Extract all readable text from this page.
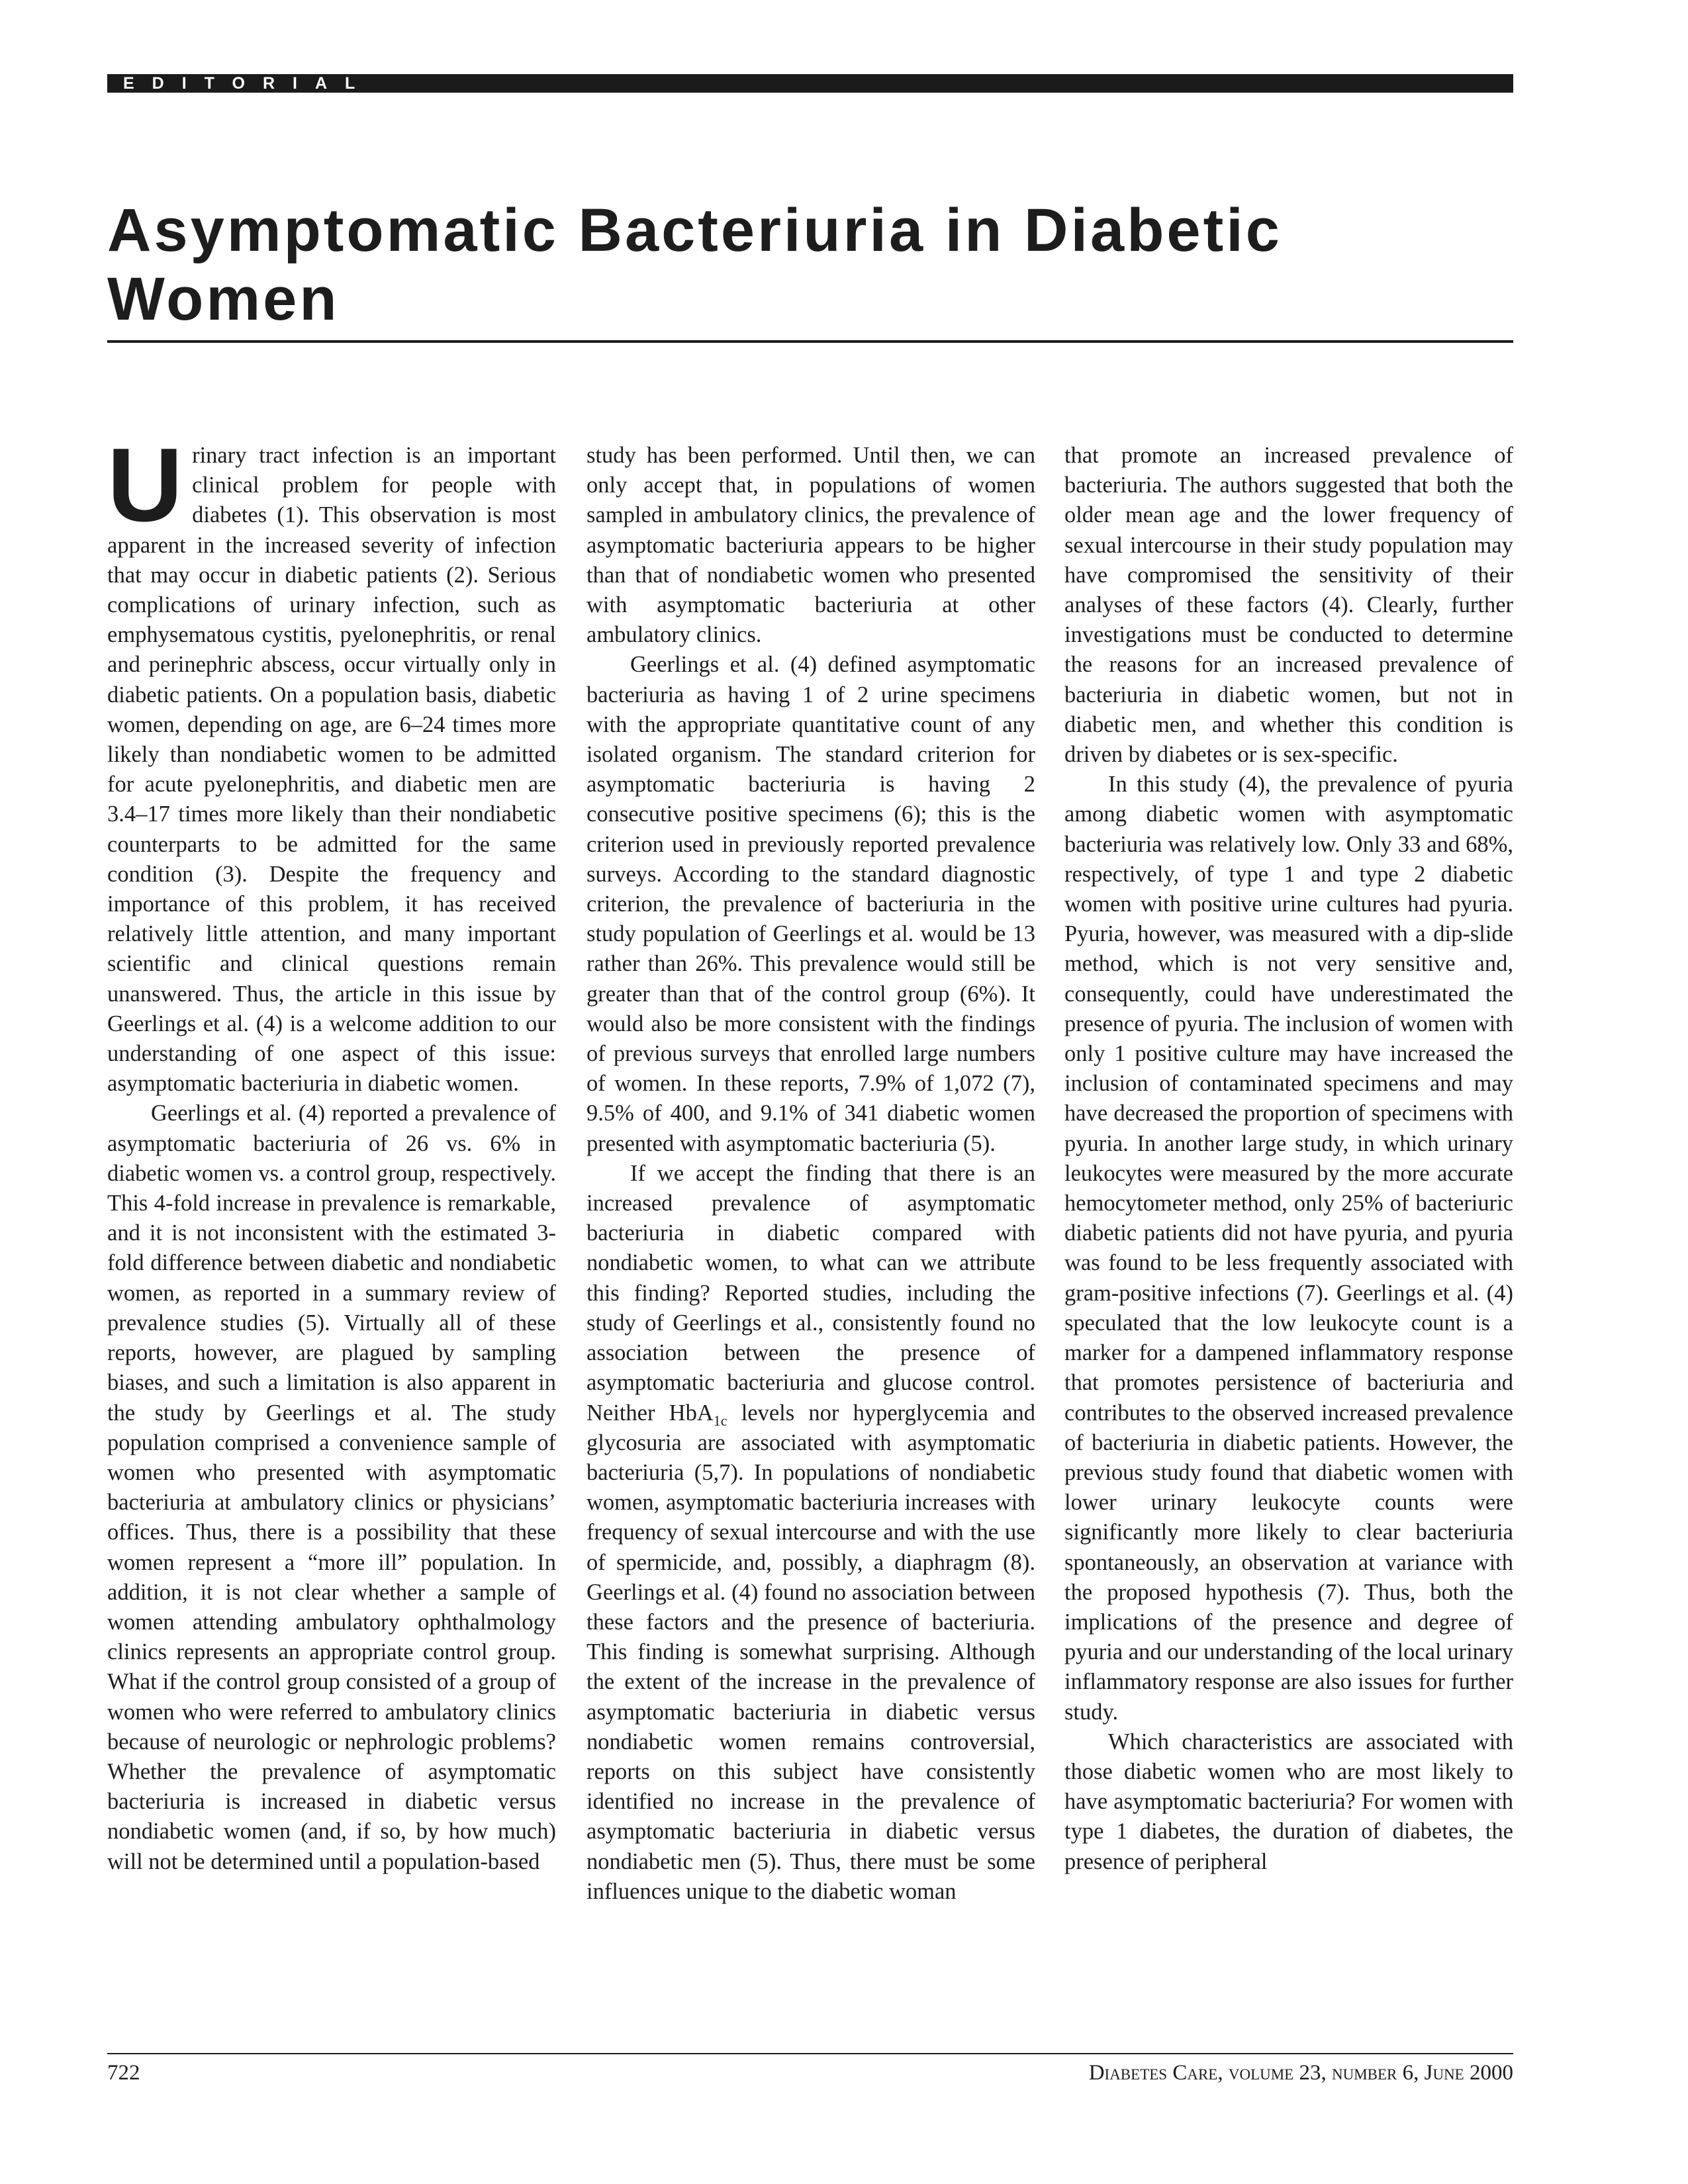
EDITORIAL
Asymptomatic Bacteriuria in Diabetic Women

Urinary tract infection is an important clinical problem for people with diabetes (1). This observation is most apparent in the increased severity of infection that may occur in diabetic patients (2). Serious complications of urinary infection, such as emphysematous cystitis, pyelonephritis, or renal and perinephric abscess, occur virtually only in diabetic patients. On a population basis, diabetic women, depending on age, are 6–24 times more likely than nondiabetic women to be admitted for acute pyelonephritis, and diabetic men are 3.4–17 times more likely than their nondiabetic counterparts to be admitted for the same condition (3). Despite the frequency and importance of this problem, it has received relatively little attention, and many important scientific and clinical questions remain unanswered. Thus, the article in this issue by Geerlings et al. (4) is a welcome addition to our understanding of one aspect of this issue: asymptomatic bacteriuria in diabetic women.

Geerlings et al. (4) reported a prevalence of asymptomatic bacteriuria of 26 vs. 6% in diabetic women vs. a control group, respectively. This 4-fold increase in prevalence is remarkable, and it is not inconsistent with the estimated 3-fold difference between diabetic and nondiabetic women, as reported in a summary review of prevalence studies (5). Virtually all of these reports, however, are plagued by sampling biases, and such a limitation is also apparent in the study by Geerlings et al. The study population comprised a convenience sample of women who presented with asymptomatic bacteriuria at ambulatory clinics or physicians’ offices. Thus, there is a possibility that these women represent a “more ill” population. In addition, it is not clear whether a sample of women attending ambulatory ophthalmology clinics represents an appropriate control group. What if the control group consisted of a group of women who were referred to ambulatory clinics because of neurologic or nephrologic problems? Whether the prevalence of asymptomatic bacteriuria is increased in diabetic versus nondiabetic women (and, if so, by how much) will not be determined until a population-based

study has been performed. Until then, we can only accept that, in populations of women sampled in ambulatory clinics, the prevalence of asymptomatic bacteriuria appears to be higher than that of nondiabetic women who presented with asymptomatic bacteriuria at other ambulatory clinics.

Geerlings et al. (4) defined asymptomatic bacteriuria as having 1 of 2 urine specimens with the appropriate quantitative count of any isolated organism. The standard criterion for asymptomatic bacteriuria is having 2 consecutive positive specimens (6); this is the criterion used in previously reported prevalence surveys. According to the standard diagnostic criterion, the prevalence of bacteriuria in the study population of Geerlings et al. would be 13 rather than 26%. This prevalence would still be greater than that of the control group (6%). It would also be more consistent with the findings of previous surveys that enrolled large numbers of women. In these reports, 7.9% of 1,072 (7), 9.5% of 400, and 9.1% of 341 diabetic women presented with asymptomatic bacteriuria (5).

If we accept the finding that there is an increased prevalence of asymptomatic bacteriuria in diabetic compared with nondiabetic women, to what can we attribute this finding? Reported studies, including the study of Geerlings et al., consistently found no association between the presence of asymptomatic bacteriuria and glucose control. Neither HbA$_{1c}$ levels nor hyperglycemia and glycosuria are associated with asymptomatic bacteriuria (5,7). In populations of nondiabetic women, asymptomatic bacteriuria increases with frequency of sexual intercourse and with the use of spermicide, and, possibly, a diaphragm (8). Geerlings et al. (4) found no association between these factors and the presence of bacteriuria. This finding is somewhat surprising. Although the extent of the increase in the prevalence of asymptomatic bacteriuria in diabetic versus nondiabetic women remains controversial, reports on this subject have consistently identified no increase in the prevalence of asymptomatic bacteriuria in diabetic versus nondiabetic men (5). Thus, there must be some influences unique to the diabetic woman

that promote an increased prevalence of bacteriuria. The authors suggested that both the older mean age and the lower frequency of sexual intercourse in their study population may have compromised the sensitivity of their analyses of these factors (4). Clearly, further investigations must be conducted to determine the reasons for an increased prevalence of bacteriuria in diabetic women, but not in diabetic men, and whether this condition is driven by diabetes or is sex-specific.

In this study (4), the prevalence of pyuria among diabetic women with asymptomatic bacteriuria was relatively low. Only 33 and 68%, respectively, of type 1 and type 2 diabetic women with positive urine cultures had pyuria. Pyuria, however, was measured with a dip-slide method, which is not very sensitive and, consequently, could have underestimated the presence of pyuria. The inclusion of women with only 1 positive culture may have increased the inclusion of contaminated specimens and may have decreased the proportion of specimens with pyuria. In another large study, in which urinary leukocytes were measured by the more accurate hemocytometer method, only 25% of bacteriuric diabetic patients did not have pyuria, and pyuria was found to be less frequently associated with gram-positive infections (7). Geerlings et al. (4) speculated that the low leukocyte count is a marker for a dampened inflammatory response that promotes persistence of bacteriuria and contributes to the observed increased prevalence of bacteriuria in diabetic patients. However, the previous study found that diabetic women with lower urinary leukocyte counts were significantly more likely to clear bacteriuria spontaneously, an observation at variance with the proposed hypothesis (7). Thus, both the implications of the presence and degree of pyuria and our understanding of the local urinary inflammatory response are also issues for further study.

Which characteristics are associated with those diabetic women who are most likely to have asymptomatic bacteriuria? For women with type 1 diabetes, the duration of diabetes, the presence of peripheral

722	Diabetes Care, volume 23, number 6, June 2000
